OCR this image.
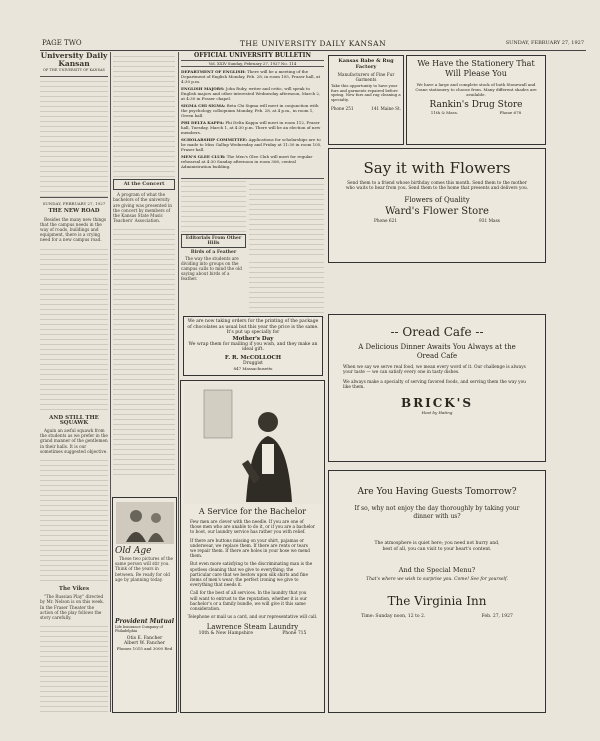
PAGE TWO	THE UNIVERSITY DAILY KANSAN	SUNDAY, FEBRUARY 27, 1927
University Daily Kansan
OF THE UNIVERSITY OF KANSAS
SUNDAY, FEBRUARY 27, 1927
THE NEW ROAD

Besides the many new things that the campus needs in the way of roads, buildings and equipment, there is a crying need for a new campus road.

AND STILL THE SQUAWK

Again an awful squawk from the students as we prefer in the grand manner of the gentlemen in their halls. It is our sometimes suggested objective.

The Vikes

"The Russian Play" directed by Mr. Nelson is on this week. In the Fraser Theater the action of the play follows the story carefully.

At the Concert

A program of what the bachelors of the university are giving was presented in the concert by members of the Kansas State Music Teachers' Association.

Old Age

These two pictures of the same person will stir you. Think of the years in between. Be ready for old age by planning today.

Provident Mutual
Life Insurance Company of Philadelphia
Otis E. Fancher
Albert W. Fancher
Phones 1015 and 3000 Red
Editorials From Other Hills
Birds of a Feather

The way the students are dividing into groups on the campus calls to mind the old saying about birds of a feather.

OFFICIAL UNIVERSITY BULLETIN
Vol. XXIV Sunday, February 27, 1927 No. 114
DEPARTMENT OF ENGLISH: There will be a meeting of the Department of English Monday, Feb. 28, in room 105, Fraser hall, at 4:30 p.m.
ENGLISH MAJORS: John Ruby, writer and critic, will speak to English majors and other interested Wednesday afternoon, March 2, at 4:30 in Fraser chapel.
SIGMA CHI SIGMA: Beta Chi Sigma will meet in conjunction with the psychology colloquium Monday, Feb. 28, at 4 p.m., in room 1, Green hall.
PHI DELTA KAPPA: Phi Delta Kappa will meet in room 112, Fraser hall, Tuesday, March 1, at 4:30 p.m. There will be an election of new members.
SCHOLARSHIP COMMITTEE: Applications for scholarships are to be made to Miss Gallup Wednesday and Friday at 11:30 in room 105, Fraser hall.
MEN'S GLEE CLUB: The Men's Glee Club will meet for regular rehearsal at 4:30 Sunday afternoon in room 306, central Administration building.
We are now taking orders for the printing of the package of chocolates as usual but this year the price is the same. It's put up specially for
Mother's Day
We wrap them for mailing if you wish, and they make an ideal gift.
F. R. McCOLLOCH
Druggist
847 Massachusetts
A Service for the Bachelor

Few men are clever with the needle. If you are one of those men who are unable to do it, or if you are a bachelor to boot, our laundry service has rather you with relief.

If there are buttons missing on your shirt, pajamas or underwear, we replace them. If there are rents or tears we repair them. If there are holes in your hose we mend them.

But even more satisfying to the discriminating man is the spotless cleaning that we give to everything; the particular care that we bestow upon silk shirts and fine items of men's wear; the perfect ironing we give to everything that needs it.

Call for the best of all services. In the laundry that you will want to entrust to the reputation, whether it is our bachelor's or a family bundle, we will give it this same consideration.

Telephone or mail us a card, and our representative will call.
Lawrence Steam Laundry
10th & New Hampshire	Phone 715
Kansas Babe & Rug Factory
Manufacturers of Fine Fur Garments
Take this opportunity to have your furs and garments repaired before spring. New furs and rug cleaning a specialty.
Phone 251	141 Maine St.
We Have the Stationery That Will Please You
We have a large and complete stock of both Stonewall and Crane stationery to choose from. Many different shades are available.
Rankin's Drug Store
11th & Mass.	Phone 678
Say it with Flowers
Send them to a friend whose birthday comes this month. Send them to the mother who waits to hear from you. Send them to the home that presents and delivers you.
Flowers of Quality
Ward's Flower Store
Phone 621	931 Mass
-- Oread Cafe --
A Delicious Dinner Awaits You Always at the Oread Cafe
When we say we serve real food, we mean every word of it. Our challenge is always your taste — we can satisfy every one in tasty dishes.
We always make a specialty of serving favored foods, and serving them the way you like them.
BRICK'S
Host by Hating
Are You Having Guests Tomorrow?
If so, why not enjoy the day thoroughly by taking your dinner with us?
The atmosphere is quiet here; you need not hurry and, best of all, you can visit to your heart's content.
And the Special Menu?
That's where we wish to surprise you. Come! See for yourself.
The Virginia Inn
Time: Sunday noon, 12 to 2.	Feb. 27, 1927
